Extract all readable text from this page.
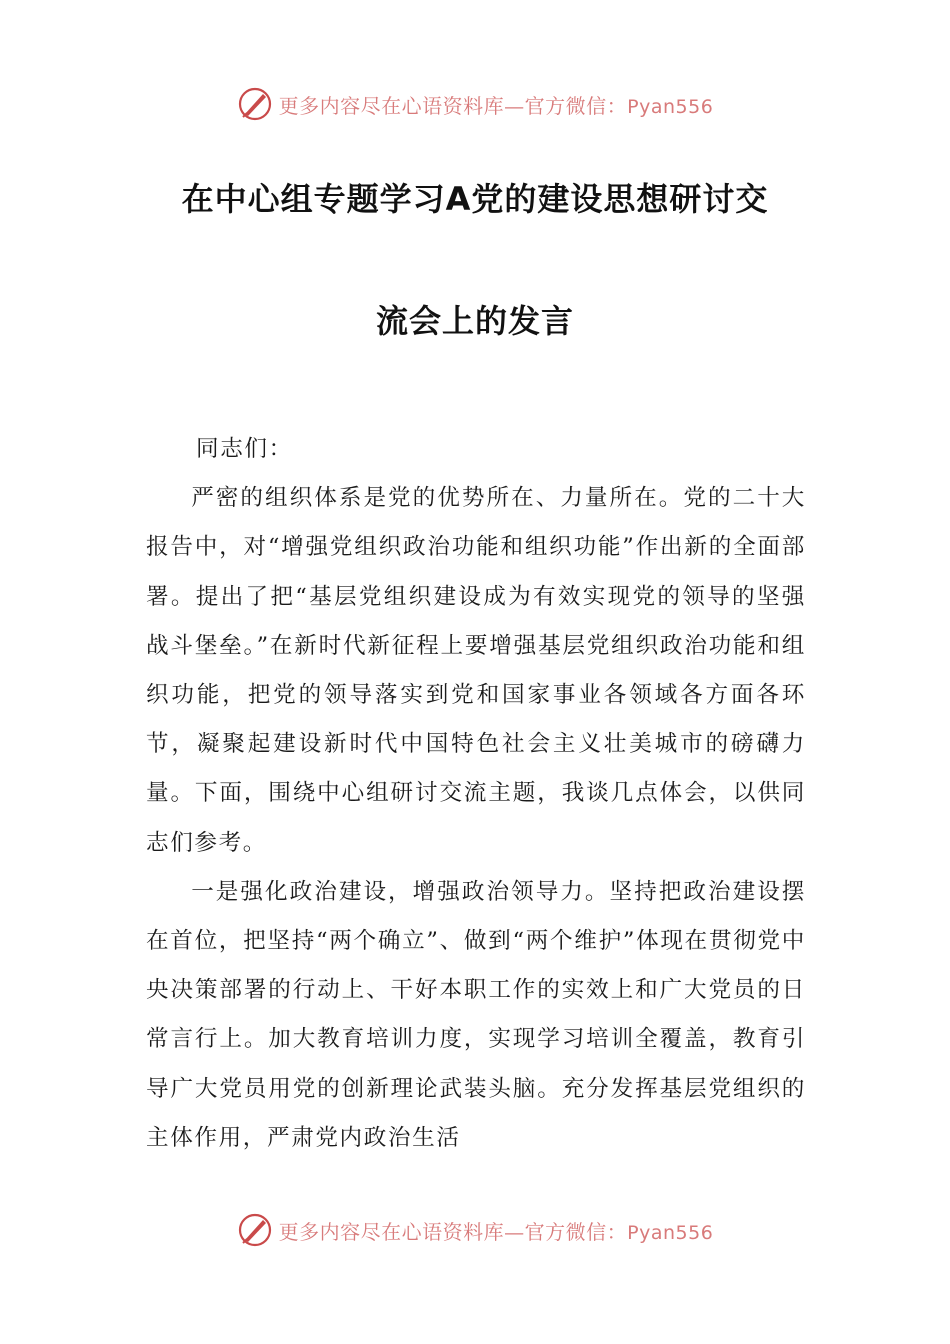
更多内容尽在心语资料库—官方微信：Pyan556
在中心组专题学习A党的建设思想研讨交
流会上的发言

同志们：

严密的组织体系是党的优势所在、力量所在。党的二十大报告中，对“增强党组织政治功能和组织功能”作出新的全面部署。提出了把“基层党组织建设成为有效实现党的领导的坚强战斗堡垒。”在新时代新征程上要增强基层党组织政治功能和组织功能，把党的领导落实到党和国家事业各领域各方面各环节，凝聚起建设新时代中国特色社会主义壮美城市的磅礴力量。下面，围绕中心组研讨交流主题，我谈几点体会，以供同志们参考。

一是强化政治建设，增强政治领导力。坚持把政治建设摆在首位，把坚持“两个确立”、做到“两个维护”体现在贯彻党中央决策部署的行动上、干好本职工作的实效上和广大党员的日常言行上。加大教育培训力度，实现学习培训全覆盖，教育引导广大党员用党的创新理论武装头脑。充分发挥基层党组织的主体作用，严肃党内政治生活

更多内容尽在心语资料库—官方微信：Pyan556
